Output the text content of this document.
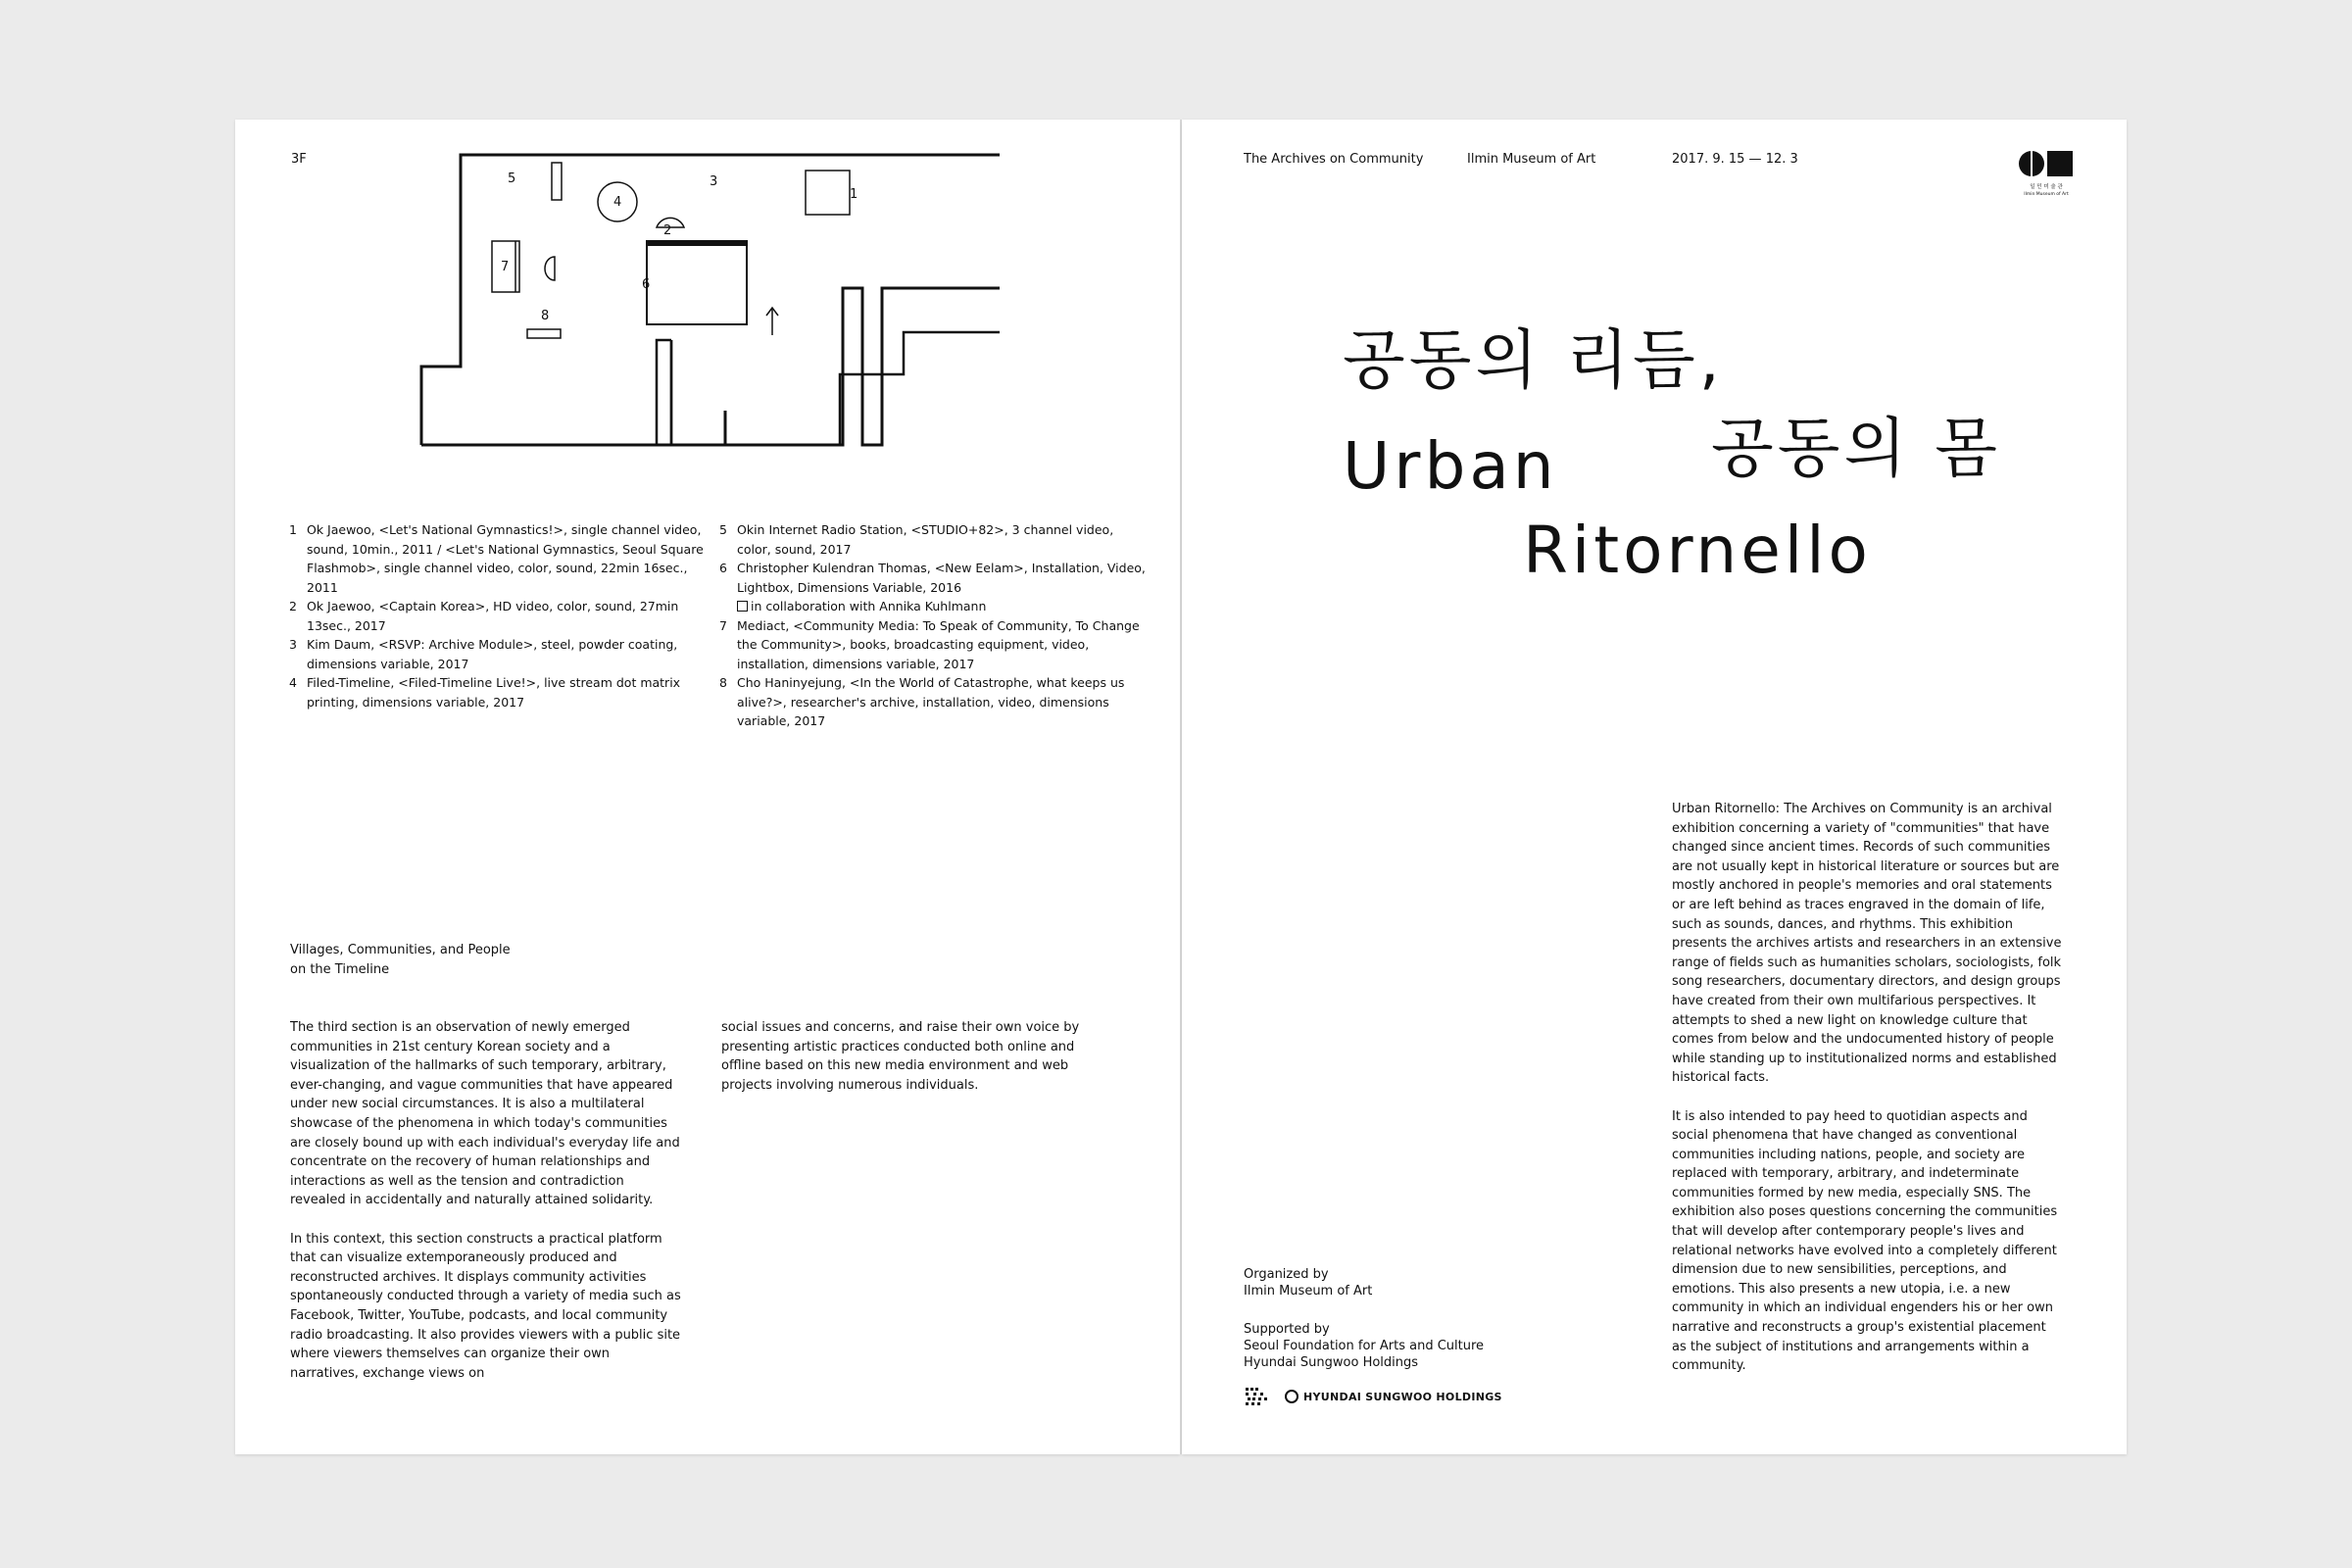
3F
1
2
3
4
5
6
7
8
1 Ok Jaewoo, <Let's National Gymnastics!>, single channel video, sound, 10min., 2011 / <Let's National Gymnastics, Seoul Square Flashmob>, single channel video, color, sound, 22min 16sec., 2011
2 Ok Jaewoo, <Captain Korea>, HD video, color, sound, 27min 13sec., 2017
3 Kim Daum, <RSVP: Archive Module>, steel, powder coating, dimensions variable, 2017
4 Filed-Timeline, <Filed-Timeline Live!>, live stream dot matrix printing, dimensions variable, 2017
5 Okin Internet Radio Station, <STUDIO+82>, 3 channel video, color, sound, 2017
6 Christopher Kulendran Thomas, <New Eelam>, Installation, Video, Lightbox, Dimensions Variable, 2016
in collaboration with Annika Kuhlmann
7 Mediact, <Community Media: To Speak of Community, To Change the Community>, books, broadcasting equipment, video, installation, dimensions variable, 2017
8 Cho Haninyejung, <In the World of Catastrophe, what keeps us alive?>, researcher's archive, installation, video, dimensions variable, 2017
Villages, Communities, and People
on the Timeline

The third section is an observation of newly emerged communities in 21st century Korean society and a visualization of the hallmarks of such temporary, arbitrary, ever-changing, and vague communities that have appeared under new social circumstances. It is also a multilateral showcase of the phenomena in which today's communities are closely bound up with each individual's everyday life and concentrate on the recovery of human relationships and interactions as well as the tension and contradiction revealed in accidentally and naturally attained solidarity.

In this context, this section constructs a practical platform that can visualize extemporaneously produced and reconstructed archives. It displays community activities spontaneously conducted through a variety of media such as Facebook, Twitter, YouTube, podcasts, and local community radio broadcasting. It also provides viewers with a public site where viewers themselves can organize their own narratives, exchange views on

social issues and concerns, and raise their own voice by presenting artistic practices conducted both online and offline based on this new media environment and web projects involving numerous individuals.

The Archives on Community	Ilmin Museum of Art	2017. 9. 15 — 12. 3
일 민 미 술 관
Ilmin Museum of Art
공동의 리듬,
공동의 몸
Urban
Ritornello

Urban Ritornello: The Archives on Community is an archival exhibition concerning a variety of "communities" that have changed since ancient times. Records of such communities are not usually kept in historical literature or sources but are mostly anchored in people's memories and oral statements or are left behind as traces engraved in the domain of life, such as sounds, dances, and rhythms. This exhibition presents the archives artists and researchers in an extensive range of fields such as humanities scholars, sociologists, folk song researchers, documentary directors, and design groups have created from their own multifarious perspectives. It attempts to shed a new light on knowledge culture that comes from below and the undocumented history of people while standing up to institutionalized norms and established historical facts.

It is also intended to pay heed to quotidian aspects and social phenomena that have changed as conventional communities including nations, people, and society are replaced with temporary, arbitrary, and indeterminate communities formed by new media, especially SNS. The exhibition also poses questions concerning the communities that will develop after contemporary people's lives and relational networks have evolved into a completely different dimension due to new sensibilities, perceptions, and emotions. This also presents a new utopia, i.e. a new community in which an individual engenders his or her own narrative and reconstructs a group's existential placement as the subject of institutions and arrangements within a community.

Organized by
Ilmin Museum of Art
Supported by
Seoul Foundation for Arts and Culture
Hyundai Sungwoo Holdings
HYUNDAI SUNGWOO HOLDINGS
